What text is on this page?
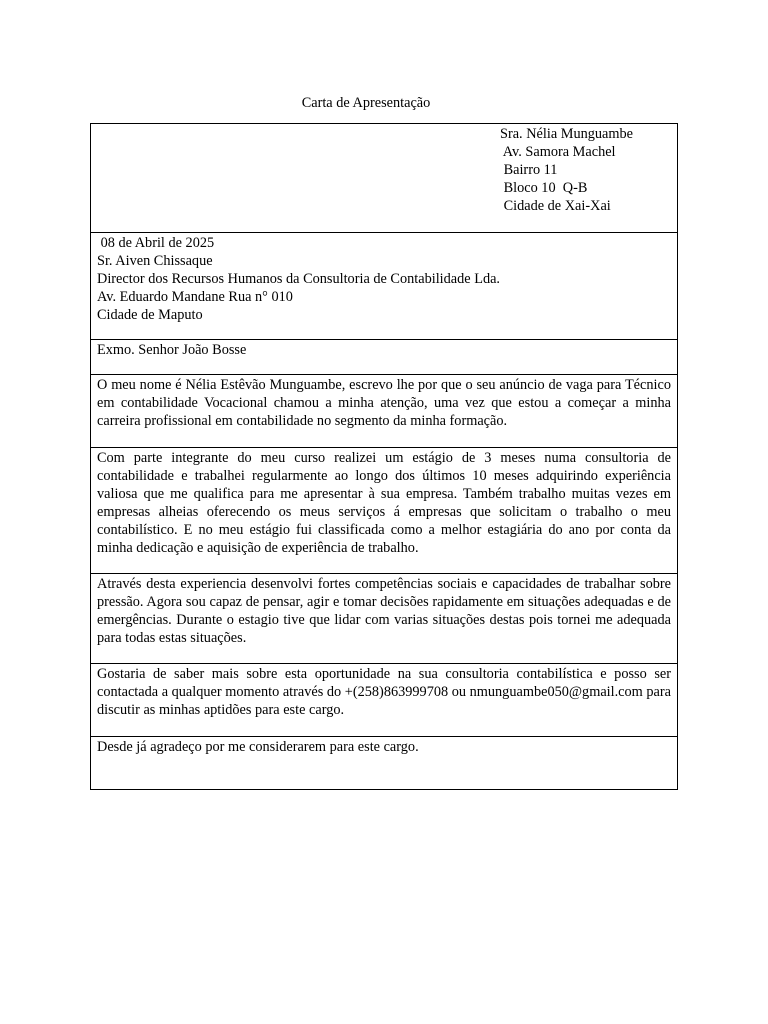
Carta de Apresentação
Sra. Nélia Munguambe
Av. Samora Machel
Bairro 11
Bloco 10  Q-B
Cidade de Xai-Xai
08 de Abril de 2025
Sr. Aiven Chissaque
Director dos Recursos Humanos da Consultoria de Contabilidade Lda.
Av. Eduardo Mandane Rua n° 010
Cidade de Maputo
Exmo. Senhor João Bosse
O meu nome é Nélia Estêvão Munguambe, escrevo lhe por que o seu anúncio de vaga para Técnico em contabilidade Vocacional chamou a minha atenção, uma vez que estou a começar a minha carreira profissional em contabilidade no segmento da minha formação.
Com parte integrante do meu curso realizei um estágio de 3 meses numa consultoria de contabilidade e trabalhei regularmente ao longo dos últimos 10 meses adquirindo experiência valiosa que me qualifica para me apresentar à sua empresa. Também trabalho muitas vezes em empresas alheias oferecendo os meus serviços á empresas que solicitam o trabalho o meu contabilístico. E no meu estágio fui classificada como a melhor estagiária do ano por conta da minha dedicação e aquisição de experiência de trabalho.
Através desta experiencia desenvolvi fortes competências sociais e capacidades de trabalhar sobre pressão. Agora sou capaz de pensar, agir e tomar decisões rapidamente em situações adequadas e de emergências. Durante o estagio tive que lidar com varias situações destas pois tornei me adequada para todas estas situações.
Gostaria de saber mais sobre esta oportunidade na sua consultoria contabilística e posso ser contactada a qualquer momento através do +(258)863999708 ou nmunguambe050@gmail.com para discutir as minhas aptidões para este cargo.
Desde já agradeço por me considerarem para este cargo.
